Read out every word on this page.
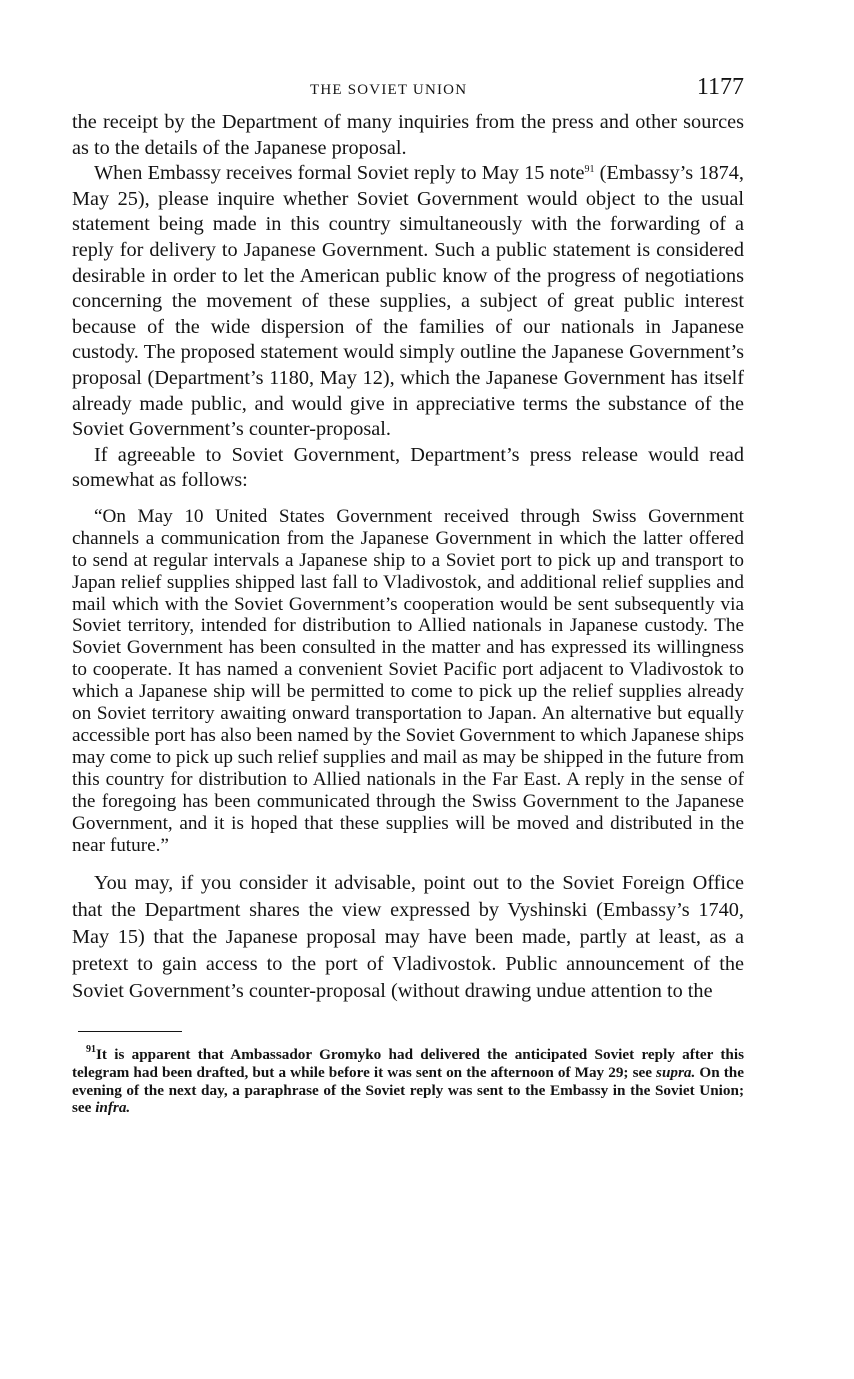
THE SOVIET UNION	1177

the receipt by the Department of many inquiries from the press and other sources as to the details of the Japanese proposal.

When Embassy receives formal Soviet reply to May 15 note$^{91}$ (Embassy’s 1874, May 25), please inquire whether Soviet Government would object to the usual statement being made in this country simultaneously with the forwarding of a reply for delivery to Japanese Government. Such a public statement is considered desirable in order to let the American public know of the progress of negotiations concerning the movement of these supplies, a subject of great public interest because of the wide dispersion of the families of our nationals in Japanese custody. The proposed statement would simply outline the Japanese Government’s proposal (Department’s 1180, May 12), which the Japanese Government has itself already made public, and would give in appreciative terms the substance of the Soviet Government’s counter-proposal.

If agreeable to Soviet Government, Department’s press release would read somewhat as follows:

“On May 10 United States Government received through Swiss Government channels a communication from the Japanese Government in which the latter offered to send at regular intervals a Japanese ship to a Soviet port to pick up and transport to Japan relief supplies shipped last fall to Vladivostok, and additional relief supplies and mail which with the Soviet Government’s cooperation would be sent subsequently via Soviet territory, intended for distribution to Allied nationals in Japanese custody. The Soviet Government has been consulted in the matter and has expressed its willingness to cooperate. It has named a convenient Soviet Pacific port adjacent to Vladivostok to which a Japanese ship will be permitted to come to pick up the relief supplies already on Soviet territory awaiting onward transportation to Japan. An alternative but equally accessible port has also been named by the Soviet Government to which Japanese ships may come to pick up such relief supplies and mail as may be shipped in the future from this country for distribution to Allied nationals in the Far East. A reply in the sense of the foregoing has been communicated through the Swiss Government to the Japanese Government, and it is hoped that these supplies will be moved and distributed in the near future.”

You may, if you consider it advisable, point out to the Soviet Foreign Office that the Department shares the view expressed by Vyshinski (Embassy’s 1740, May 15) that the Japanese proposal may have been made, partly at least, as a pretext to gain access to the port of Vladivostok. Public announcement of the Soviet Government’s counter-proposal (without drawing undue attention to the

$^{91}$It is apparent that Ambassador Gromyko had delivered the anticipated Soviet reply after this telegram had been drafted, but a while before it was sent on the afternoon of May 29; see supra. On the evening of the next day, a paraphrase of the Soviet reply was sent to the Embassy in the Soviet Union; see infra.
